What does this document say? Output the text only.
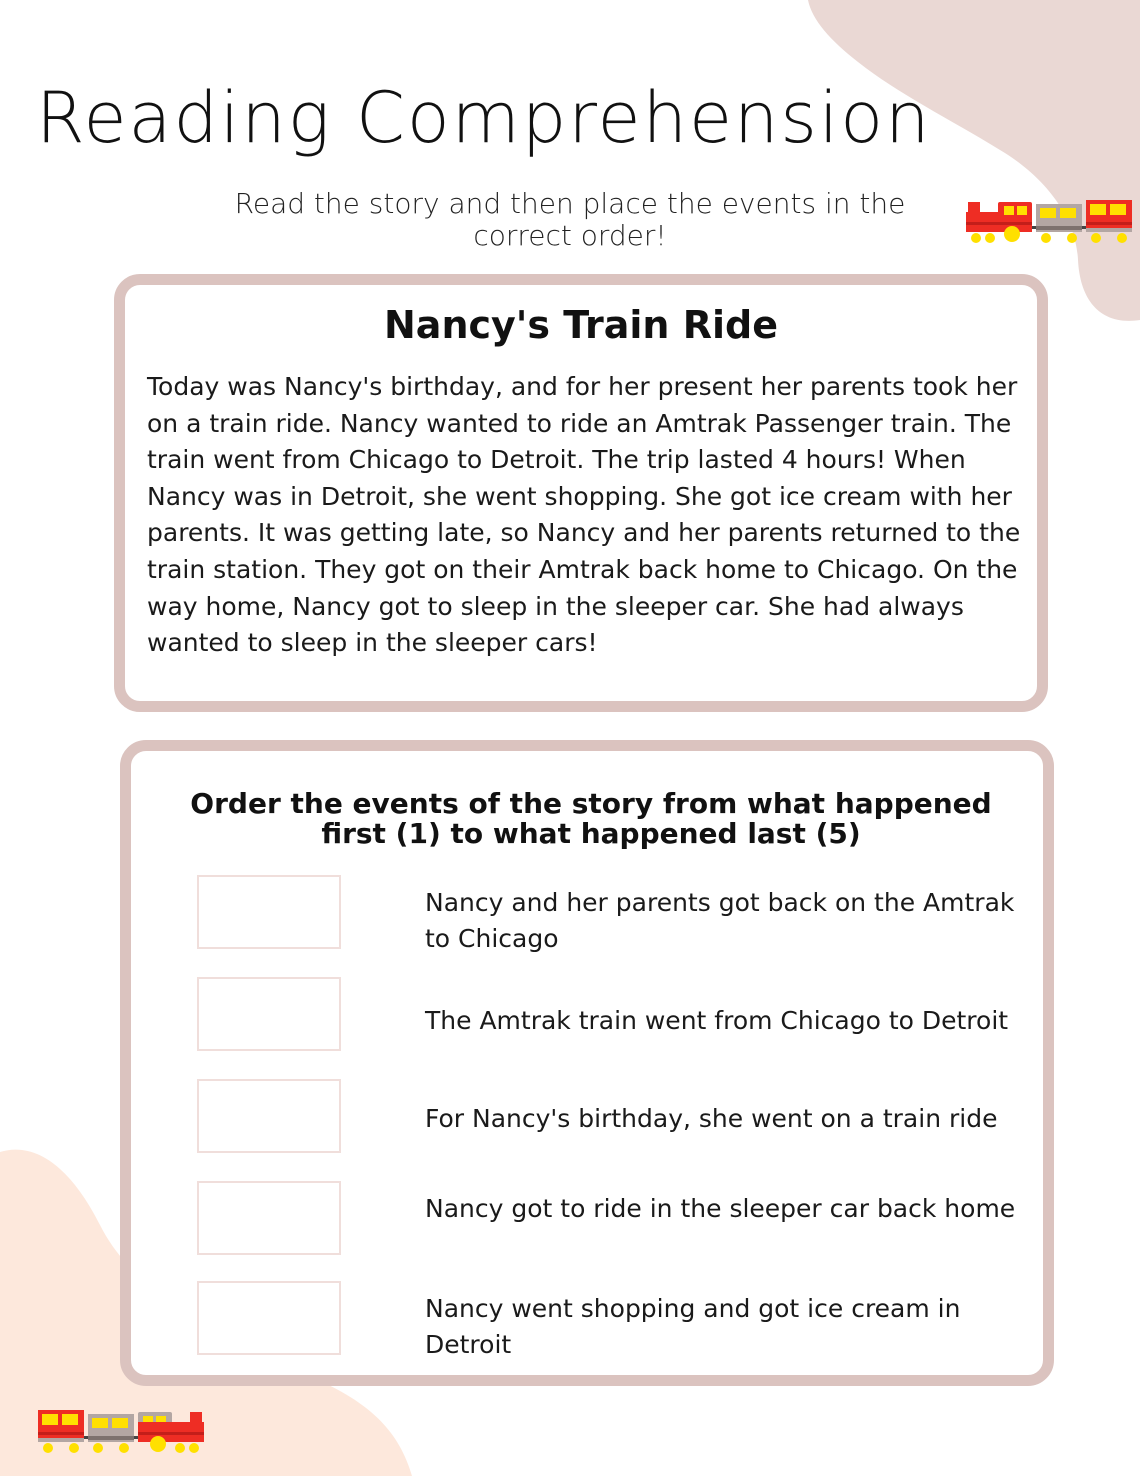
Reading Comprehension
Read the story and then place the events in the correct order!
Nancy's Train Ride

Today was Nancy's birthday, and for her present her parents took her on a train ride. Nancy wanted to ride an Amtrak Passenger train. The train went from Chicago to Detroit. The trip lasted 4 hours! When Nancy was in Detroit, she went shopping. She got ice cream with her parents. It was getting late, so Nancy and her parents returned to the train station. They got on their Amtrak back home to Chicago. On the way home, Nancy got to sleep in the sleeper car. She had always wanted to sleep in the sleeper cars!

Order the events of the story from what happened first (1) to what happened last (5)
Nancy and her parents got back on the Amtrak to Chicago
The Amtrak train went from Chicago to Detroit
For Nancy's birthday, she went on a train ride
Nancy got to ride in the sleeper car back home
Nancy went shopping and got ice cream in Detroit
